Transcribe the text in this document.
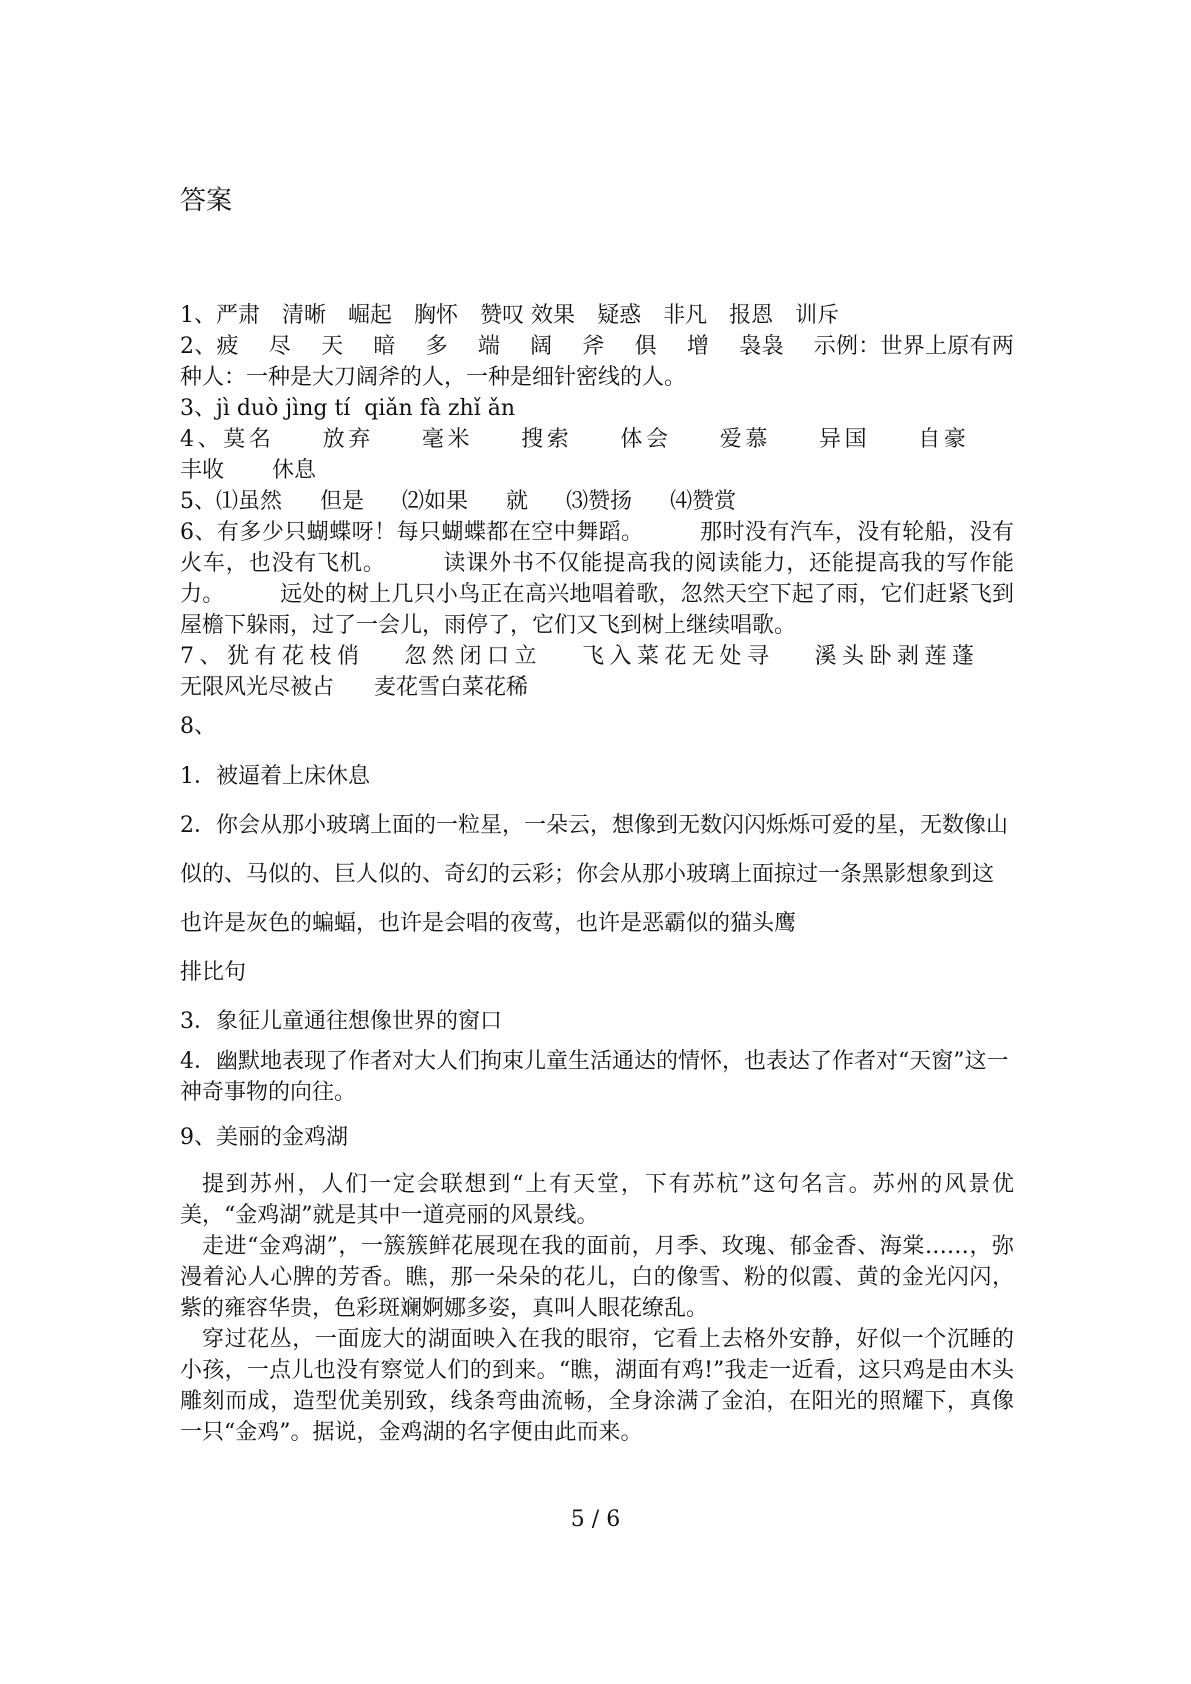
答案

1、严肃 清晰 崛起 胸怀 赞叹 效果 疑惑 非凡 报恩 训斥

2、疲 尽 天 暗 多 端 阔 斧 俱 增 袅袅 示例：世界上原有两种人：一种是大刀阔斧的人，一种是细针密线的人。

3、jì duò jìng tí  qiǎn fà zhǐ ǎn

4、莫名 放弃 毫米 搜索 体会 爱慕 异国 自豪丰收 休息

5、⑴虽然 但是 ⑵如果 就 ⑶赞扬 ⑷赞赏

6、有多少只蝴蝶呀！每只蝴蝶都在空中舞蹈。　　　	那时没有汽车，没有轮船，没有火车，也没有飞机。　　　	读课外书不仅能提高我的阅读能力，还能提高我的写作能力。　　　	远处的树上几只小鸟正在高兴地唱着歌，忽然天空下起了雨，它们赶紧飞到屋檐下躲雨，过了一会儿，雨停了，它们又飞到树上继续唱歌。

7、犹有花枝俏 忽然闭口立 飞入菜花无处寻 溪头卧剥莲蓬无限风光尽被占 麦花雪白菜花稀

8、

1．被逼着上床休息

2．你会从那小玻璃上面的一粒星，一朵云，想像到无数闪闪烁烁可爱的星，无数像山似的、马似的、巨人似的、奇幻的云彩；你会从那小玻璃上面掠过一条黑影想象到这也许是灰色的蝙蝠，也许是会唱的夜莺，也许是恶霸似的猫头鹰

排比句

3．象征儿童通往想像世界的窗口

4．幽默地表现了作者对大人们拘束儿童生活通达的情怀，也表达了作者对“天窗”这一神奇事物的向往。

9、美丽的金鸡湖

提到苏州，人们一定会联想到“上有天堂，下有苏杭”这句名言。苏州的风景优美，“金鸡湖”就是其中一道亮丽的风景线。

走进“金鸡湖”，一簇簇鲜花展现在我的面前，月季、玫瑰、郁金香、海棠……，弥漫着沁人心脾的芳香。瞧，那一朵朵的花儿，白的像雪、粉的似霞、黄的金光闪闪，紫的雍容华贵，色彩斑斓婀娜多姿，真叫人眼花缭乱。

穿过花丛，一面庞大的湖面映入在我的眼帘，它看上去格外安静，好似一个沉睡的小孩，一点儿也没有察觉人们的到来。“瞧，湖面有鸡!”我走一近看，这只鸡是由木头雕刻而成，造型优美别致，线条弯曲流畅，全身涂满了金泊，在阳光的照耀下，真像一只“金鸡”。据说，金鸡湖的名字便由此而来。

5 / 6
